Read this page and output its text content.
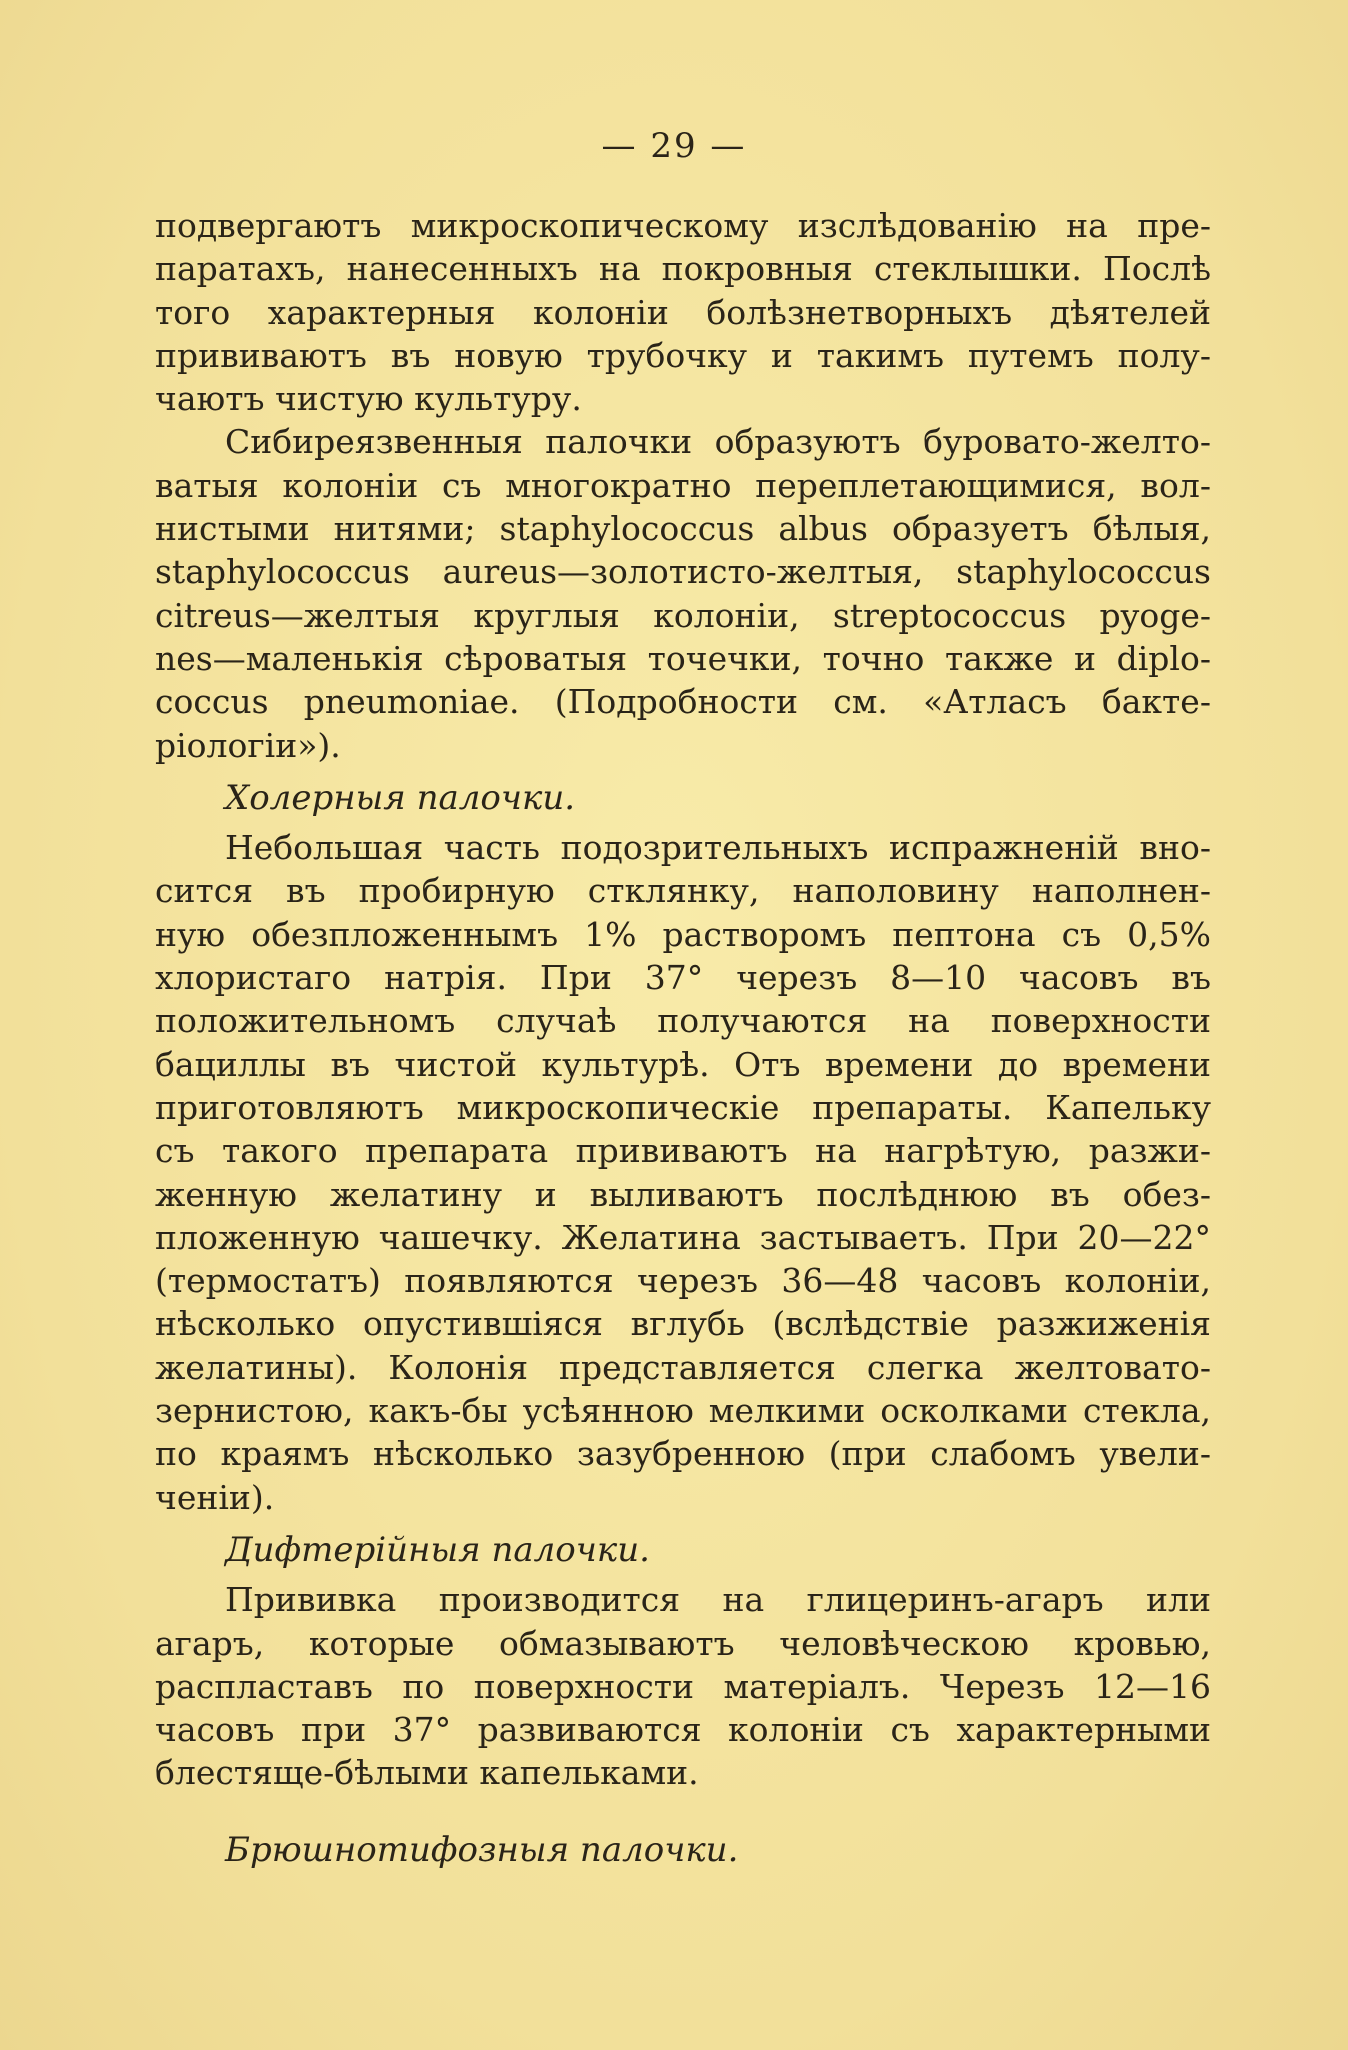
— 29 —
подвергаютъ микроскопическому изслѣдованію на пре-
паратахъ, нанесенныхъ на покровныя стеклышки. Послѣ
того характерныя колоніи болѣзнетворныхъ дѣятелей
прививаютъ въ новую трубочку и такимъ путемъ полу-
чаютъ чистую культуру.
Сибиреязвенныя палочки образуютъ буровато-желто-
ватыя колоніи съ многократно переплетающимися, вол-
нистыми нитями; staphylococcus albus образуетъ бѣлыя,
staphylococcus aureus—золотисто-желтыя, staphylococcus
citreus—желтыя круглыя колоніи, streptococcus pyoge-
nes—маленькія сѣроватыя точечки, точно также и diplo-
coccus pneumoniae. (Подробности см. «Атласъ бакте-
ріологіи»).
Холерныя палочки.
Небольшая часть подозрительныхъ испражненій вно-
сится въ пробирную стклянку, наполовину наполнен-
ную обезпложеннымъ 1% растворомъ пептона съ 0,5%
хлористаго натрія. При 37° черезъ 8—10 часовъ въ
положительномъ случаѣ получаются на поверхности
бациллы въ чистой культурѣ. Отъ времени до времени
приготовляютъ микроскопическіе препараты. Капельку
съ такого препарата прививаютъ на нагрѣтую, разжи-
женную желатину и выливаютъ послѣднюю въ обез-
пложенную чашечку. Желатина застываетъ. При 20—22°
(термостатъ) появляются черезъ 36—48 часовъ колоніи,
нѣсколько опустившіяся вглубь (вслѣдствіе разжиженія
желатины). Колонія представляется слегка желтовато-
зернистою, какъ-бы усѣянною мелкими осколками стекла,
по краямъ нѣсколько зазубренною (при слабомъ увели-
ченіи).
Дифтерійныя палочки.
Прививка производится на глицеринъ-агаръ или
агаръ, которые обмазываютъ человѣческою кровью,
распластавъ по поверхности матеріалъ. Черезъ 12—16
часовъ при 37° развиваются колоніи съ характерными
блестяще-бѣлыми капельками.
Брюшнотифозныя палочки.
